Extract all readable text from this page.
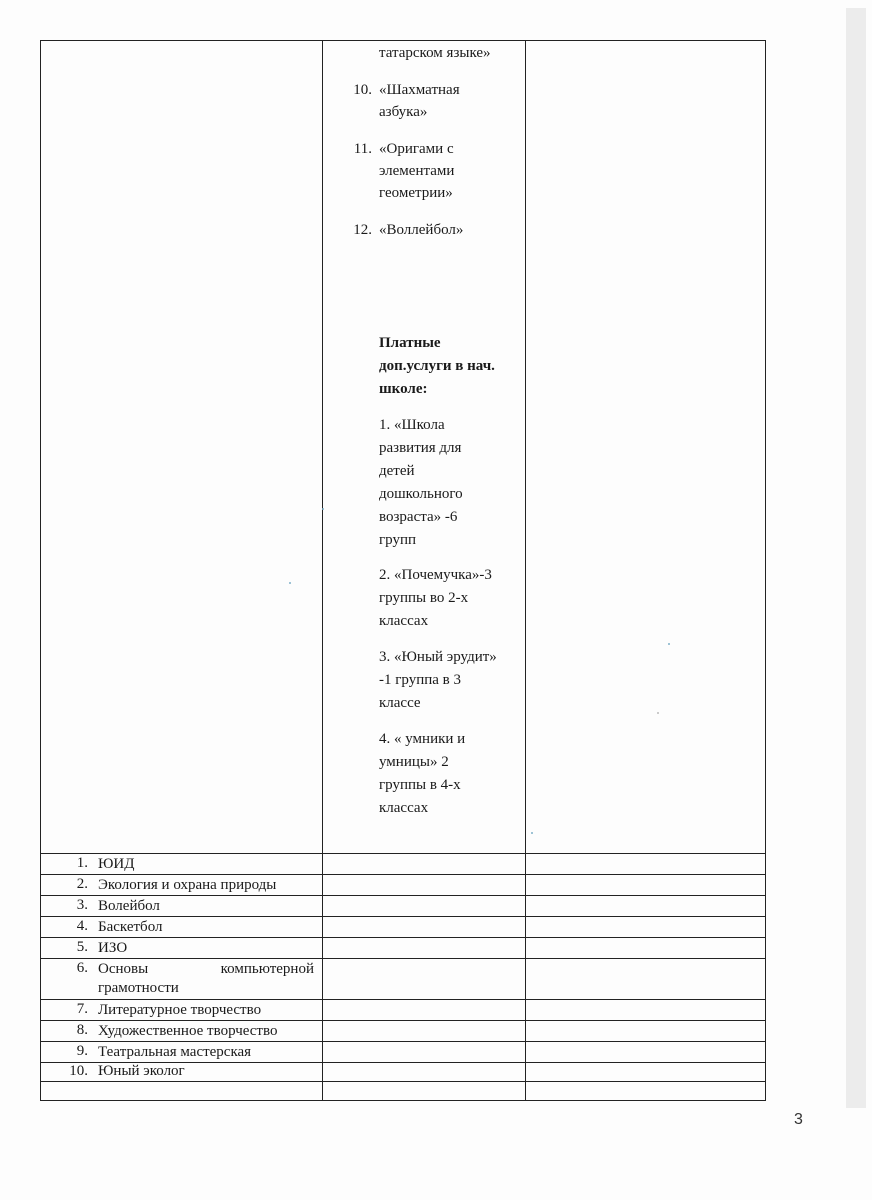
татарском языке»
10. «Шахматная
азбука»
11. «Оригами с
элементами
геометрии»
12. «Воллейбол»
Платные
доп.услуги в нач.
школе:
1. «Школа
развития для
детей
дошкольного
возраста» -6
групп
2. «Почемучка»-3
группы во 2-х
классах
3. «Юный эрудит»
-1 группа в 3
классе
4. « умники и
умницы» 2
группы в 4-х
классах
1. ЮИД
2. Экология и охрана природы
3. Волейбол
4. Баскетбол
5. ИЗО
6. Основы	компьютерной
грамотности
7. Литературное творчество
8. Художественное творчество
9. Театральная мастерская
10. Юный эколог
3
